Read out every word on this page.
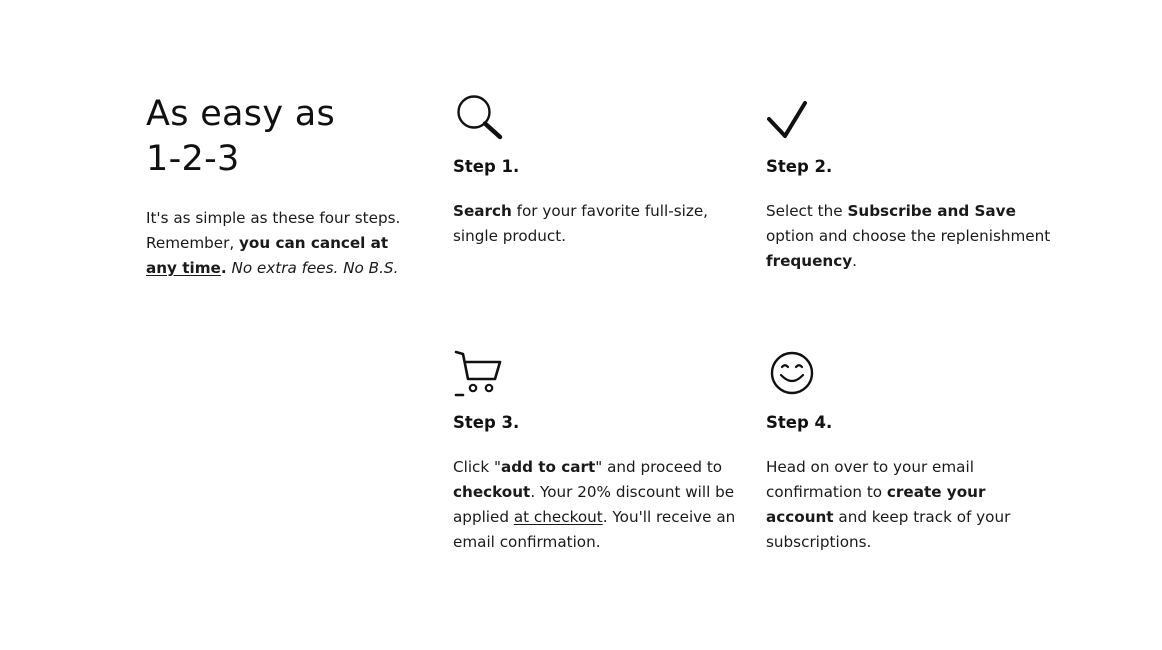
As easy as
1-2-3

It's as simple as these four steps. Remember, you can cancel at any time. No extra fees. No B.S.

Step 1.

Search for your favorite full-size, single product.

Step 2.

Select the Subscribe and Save option and choose the replenishment frequency.

Step 3.

Click "add to cart" and proceed to checkout. Your 20% discount will be applied at checkout. You'll receive an email confirmation.

Step 4.

Head on over to your email confirmation to create your account and keep track of your subscriptions.
